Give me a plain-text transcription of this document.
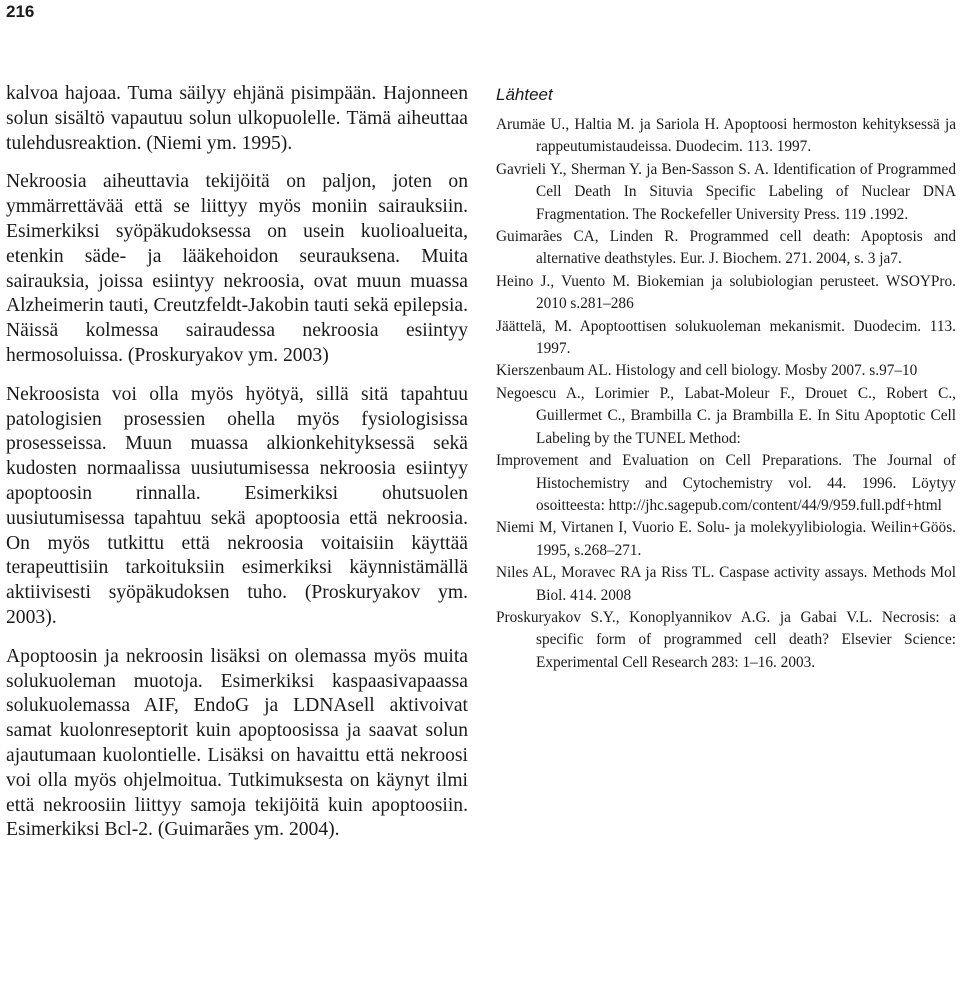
216

kalvoa hajoaa. Tuma säilyy ehjänä pisimpään. Hajonneen solun sisältö vapautuu solun ulkopuolelle. Tämä aiheuttaa tulehdusreaktion. (Niemi ym. 1995).

Nekroosia aiheuttavia tekijöitä on paljon, joten on ymmärrettävää että se liittyy myös moniin sairauksiin. Esimerkiksi syöpäkudoksessa on usein kuolioalueita, etenkin säde- ja lääkehoidon seurauksena. Muita sairauksia, joissa esiintyy nekroosia, ovat muun muassa Alzheimerin tauti, Creutzfeldt-Jakobin tauti sekä epilepsia. Näissä kolmessa sairaudessa nekroosia esiintyy hermosoluissa. (Proskuryakov ym. 2003)

Nekroosista voi olla myös hyötyä, sillä sitä tapahtuu patologisien prosessien ohella myös fysiologisissa prosesseissa. Muun muassa alkionkehityksessä sekä kudosten normaalissa uusiutumisessa nekroosia esiintyy apoptoosin rinnalla. Esimerkiksi ohutsuolen uusiutumisessa tapahtuu sekä apoptoosia että nekroosia. On myös tutkittu että nekroosia voitaisiin käyttää terapeuttisiin tarkoituksiin esimerkiksi käynnistämällä aktiivisesti syöpäkudoksen tuho. (Proskuryakov ym. 2003).

Apoptoosin ja nekroosin lisäksi on olemassa myös muita solukuoleman muotoja. Esimerkiksi kaspaasivapaassa solukuolemassa AIF, EndoG ja LDNAsell aktivoivat samat kuolonreseptorit kuin apoptoosissa ja saavat solun ajautumaan kuolontielle. Lisäksi on havaittu että nekroosi voi olla myös ohjelmoitua. Tutkimuksesta on käynyt ilmi että nekroosiin liittyy samoja tekijöitä kuin apoptoosiin. Esimerkiksi Bcl-2. (Guimarães ym. 2004).

Lähteet

Arumäe U., Haltia M. ja Sariola H. Apoptoosi hermoston kehityksessä ja rappeutumistaudeissa. Duodecim. 113. 1997.

Gavrieli Y., Sherman Y. ja Ben-Sasson S. A. Identification of Programmed Cell Death In Situvia Specific Labeling of Nuclear DNA Fragmentation. The Rockefeller University Press. 119 .1992.

Guimarães CA, Linden R. Programmed cell death: Apoptosis and alternative deathstyles. Eur. J. Biochem. 271. 2004, s. 3 ja7.

Heino J., Vuento M. Biokemian ja solubiologian perusteet. WSOYPro. 2010 s.281–286

Jäättelä, M. Apoptoottisen solukuoleman mekanismit. Duodecim. 113. 1997.

Kierszenbaum AL. Histology and cell biology. Mosby 2007. s.97–10

Negoescu A., Lorimier P., Labat-Moleur F., Drouet C., Robert C., Guillermet C., Brambilla C. ja Brambilla E. In Situ Apoptotic Cell Labeling by the TUNEL Method:

Improvement and Evaluation on Cell Preparations. The Journal of Histochemistry and Cytochemistry vol. 44. 1996. Löytyy osoitteesta: http://jhc.sagepub.com/content/44/9/959.full.pdf+html

Niemi M, Virtanen I, Vuorio E. Solu- ja molekyylibiologia. Weilin+Göös. 1995, s.268–271.

Niles AL, Moravec RA ja Riss TL. Caspase activity assays. Methods Mol Biol. 414. 2008

Proskuryakov S.Y., Konoplyannikov A.G. ja Gabai V.L. Necrosis: a specific form of programmed cell death? Elsevier Science: Experimental Cell Research 283: 1–16. 2003.
